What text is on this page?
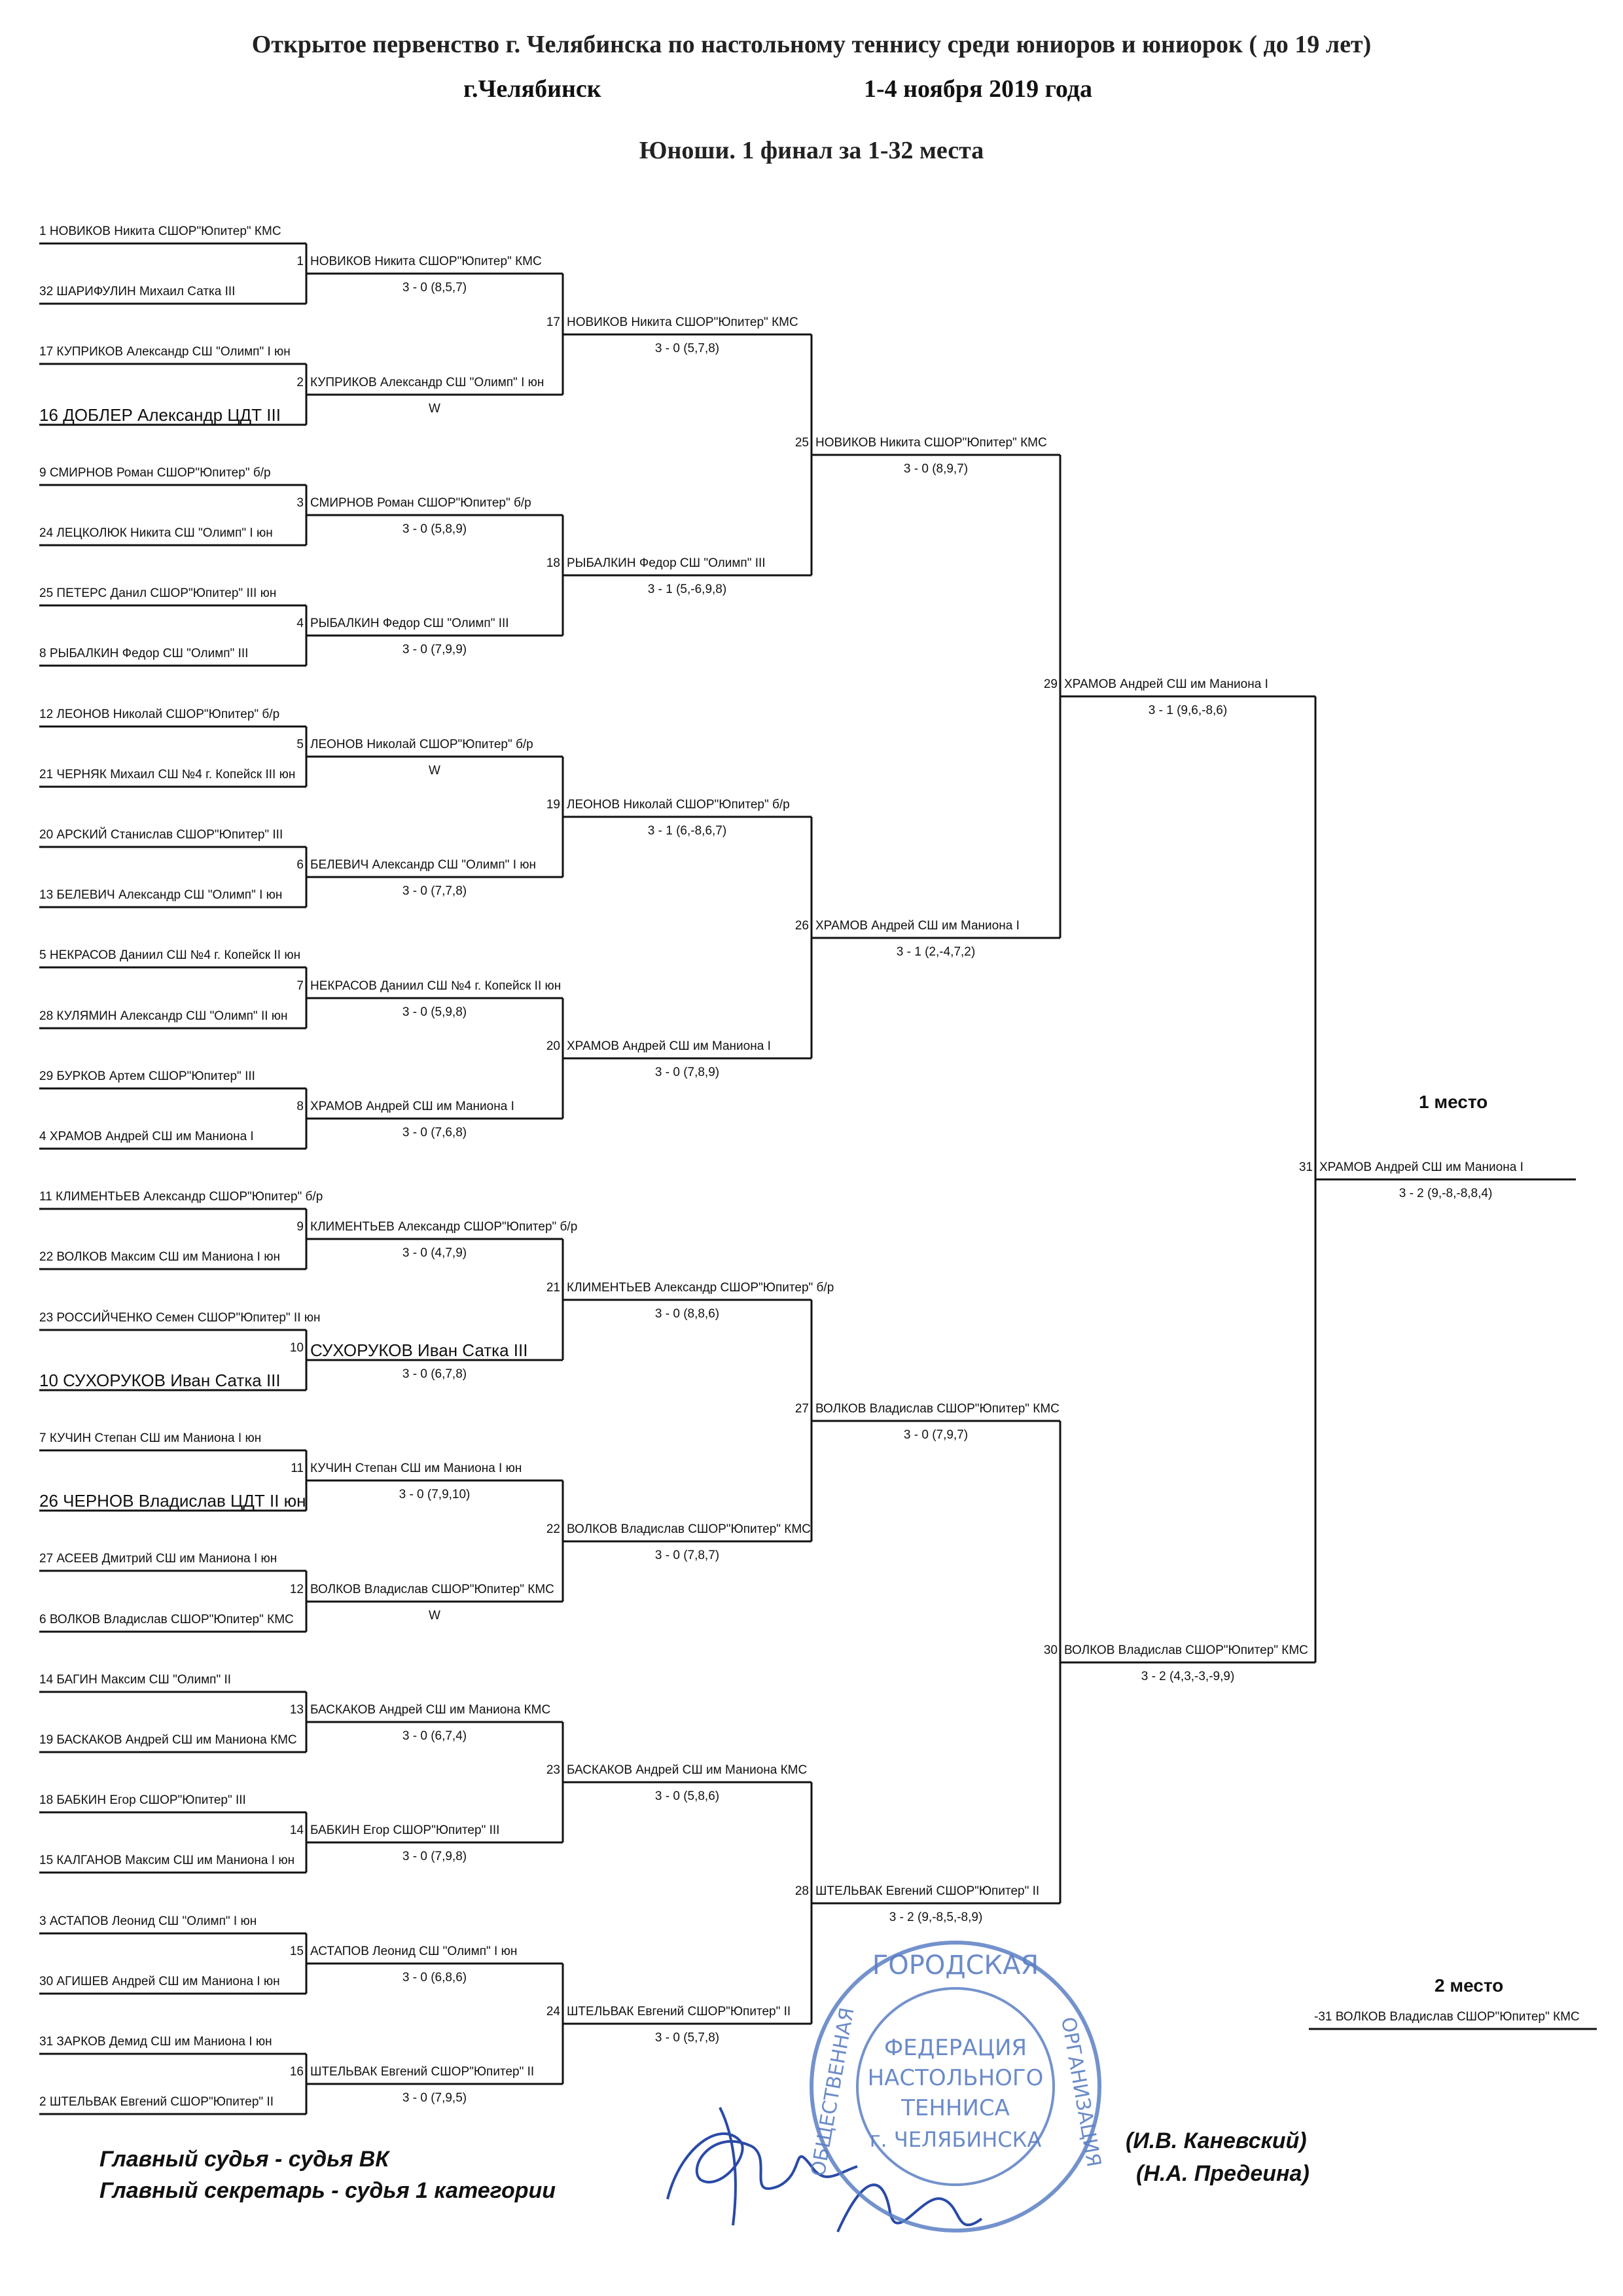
Открытое первенство г. Челябинска по настольному теннису среди юниоров и юниорок ( до 19 лет)
г.Челябинск	1-4 ноября 2019 года
Юноши. 1 финал за 1-32 места
1 НОВИКОВ Никита СШОР"Юпитер" КМС
32 ШАРИФУЛИН Михаил Сатка III
17 КУПРИКОВ Александр СШ "Олимп" I юн
16 ДОБЛЕР Александр ЦДТ III
9 СМИРНОВ Роман СШОР"Юпитер" б/р
24 ЛЕЦКОЛЮК Никита СШ "Олимп" I юн
25 ПЕТЕРС Данил СШОР"Юпитер" III юн
8 РЫБАЛКИН Федор СШ "Олимп" III
12 ЛЕОНОВ Николай СШОР"Юпитер" б/р
21 ЧЕРНЯК Михаил СШ №4 г. Копейск III юн
20 АРСКИЙ Станислав СШОР"Юпитер" III
13 БЕЛЕВИЧ Александр СШ "Олимп" I юн
5 НЕКРАСОВ Даниил СШ №4 г. Копейск II юн
28 КУЛЯМИН Александр СШ "Олимп" II юн
29 БУРКОВ Артем СШОР"Юпитер" III
4 ХРАМОВ Андрей СШ им Маниона I
11 КЛИМЕНТЬЕВ Александр СШОР"Юпитер" б/р
22 ВОЛКОВ Максим СШ им Маниона I юн
23 РОССИЙЧЕНКО Семен СШОР"Юпитер" II юн
10 СУХОРУКОВ Иван Сатка III
7 КУЧИН Степан СШ им Маниона I юн
26 ЧЕРНОВ Владислав ЦДТ II юн
27 АСЕЕВ Дмитрий СШ им Маниона I юн
6 ВОЛКОВ Владислав СШОР"Юпитер" КМС
14 БАГИН Максим СШ "Олимп" II
19 БАСКАКОВ Андрей СШ им Маниона КМС
18 БАБКИН Егор СШОР"Юпитер" III
15 КАЛГАНОВ Максим СШ им Маниона I юн
3 АСТАПОВ Леонид СШ "Олимп" I юн
30 АГИШЕВ Андрей СШ им Маниона I юн
31 ЗАРКОВ Демид СШ им Маниона I юн
2 ШТЕЛЬВАК Евгений СШОР"Юпитер" II
1 НОВИКОВ Никита СШОР"Юпитер" КМС
3 - 0 (8,5,7)
2 КУПРИКОВ Александр СШ "Олимп" I юн
W
3 СМИРНОВ Роман СШОР"Юпитер" б/р
3 - 0 (5,8,9)
4 РЫБАЛКИН Федор СШ "Олимп" III
3 - 0 (7,9,9)
5 ЛЕОНОВ Николай СШОР"Юпитер" б/р
W
6 БЕЛЕВИЧ Александр СШ "Олимп" I юн
3 - 0 (7,7,8)
7 НЕКРАСОВ Даниил СШ №4 г. Копейск II юн
3 - 0 (5,9,8)
8 ХРАМОВ Андрей СШ им Маниона I
3 - 0 (7,6,8)
9 КЛИМЕНТЬЕВ Александр СШОР"Юпитер" б/р
3 - 0 (4,7,9)
10 СУХОРУКОВ Иван Сатка III
3 - 0 (6,7,8)
11 КУЧИН Степан СШ им Маниона I юн
3 - 0 (7,9,10)
12 ВОЛКОВ Владислав СШОР"Юпитер" КМС
W
13 БАСКАКОВ Андрей СШ им Маниона КМС
3 - 0 (6,7,4)
14 БАБКИН Егор СШОР"Юпитер" III
3 - 0 (7,9,8)
15 АСТАПОВ Леонид СШ "Олимп" I юн
3 - 0 (6,8,6)
16 ШТЕЛЬВАК Евгений СШОР"Юпитер" II
3 - 0 (7,9,5)
17 НОВИКОВ Никита СШОР"Юпитер" КМС
3 - 0 (5,7,8)
18 РЫБАЛКИН Федор СШ "Олимп" III
3 - 1 (5,-6,9,8)
19 ЛЕОНОВ Николай СШОР"Юпитер" б/р
3 - 1 (6,-8,6,7)
20 ХРАМОВ Андрей СШ им Маниона I
3 - 0 (7,8,9)
21 КЛИМЕНТЬЕВ Александр СШОР"Юпитер" б/р
3 - 0 (8,8,6)
22 ВОЛКОВ Владислав СШОР"Юпитер" КМС
3 - 0 (7,8,7)
23 БАСКАКОВ Андрей СШ им Маниона КМС
3 - 0 (5,8,6)
24 ШТЕЛЬВАК Евгений СШОР"Юпитер" II
3 - 0 (5,7,8)
25 НОВИКОВ Никита СШОР"Юпитер" КМС
3 - 0 (8,9,7)
26 ХРАМОВ Андрей СШ им Маниона I
3 - 1 (2,-4,7,2)
27 ВОЛКОВ Владислав СШОР"Юпитер" КМС
3 - 0 (7,9,7)
28 ШТЕЛЬВАК Евгений СШОР"Юпитер" II
3 - 2 (9,-8,5,-8,9)
29 ХРАМОВ Андрей СШ им Маниона I
3 - 1 (9,6,-8,6)
30 ВОЛКОВ Владислав СШОР"Юпитер" КМС
3 - 2 (4,3,-3,-9,9)
31 ХРАМОВ Андрей СШ им Маниона I
3 - 2 (9,-8,-8,8,4)
1 место
2 место
-31 ВОЛКОВ Владислав СШОР"Юпитер" КМС
Главный судья - судья ВК
Главный секретарь - судья 1 категории
(И.В. Каневский)
(Н.А. Предеина)
ГОРОДСКАЯ
ОБЩЕСТВЕННАЯ	ОРГАНИЗАЦИЯ
ФЕДЕРАЦИЯ
НАСТОЛЬНОГО
ТЕННИСА
г. ЧЕЛЯБИНСКА
